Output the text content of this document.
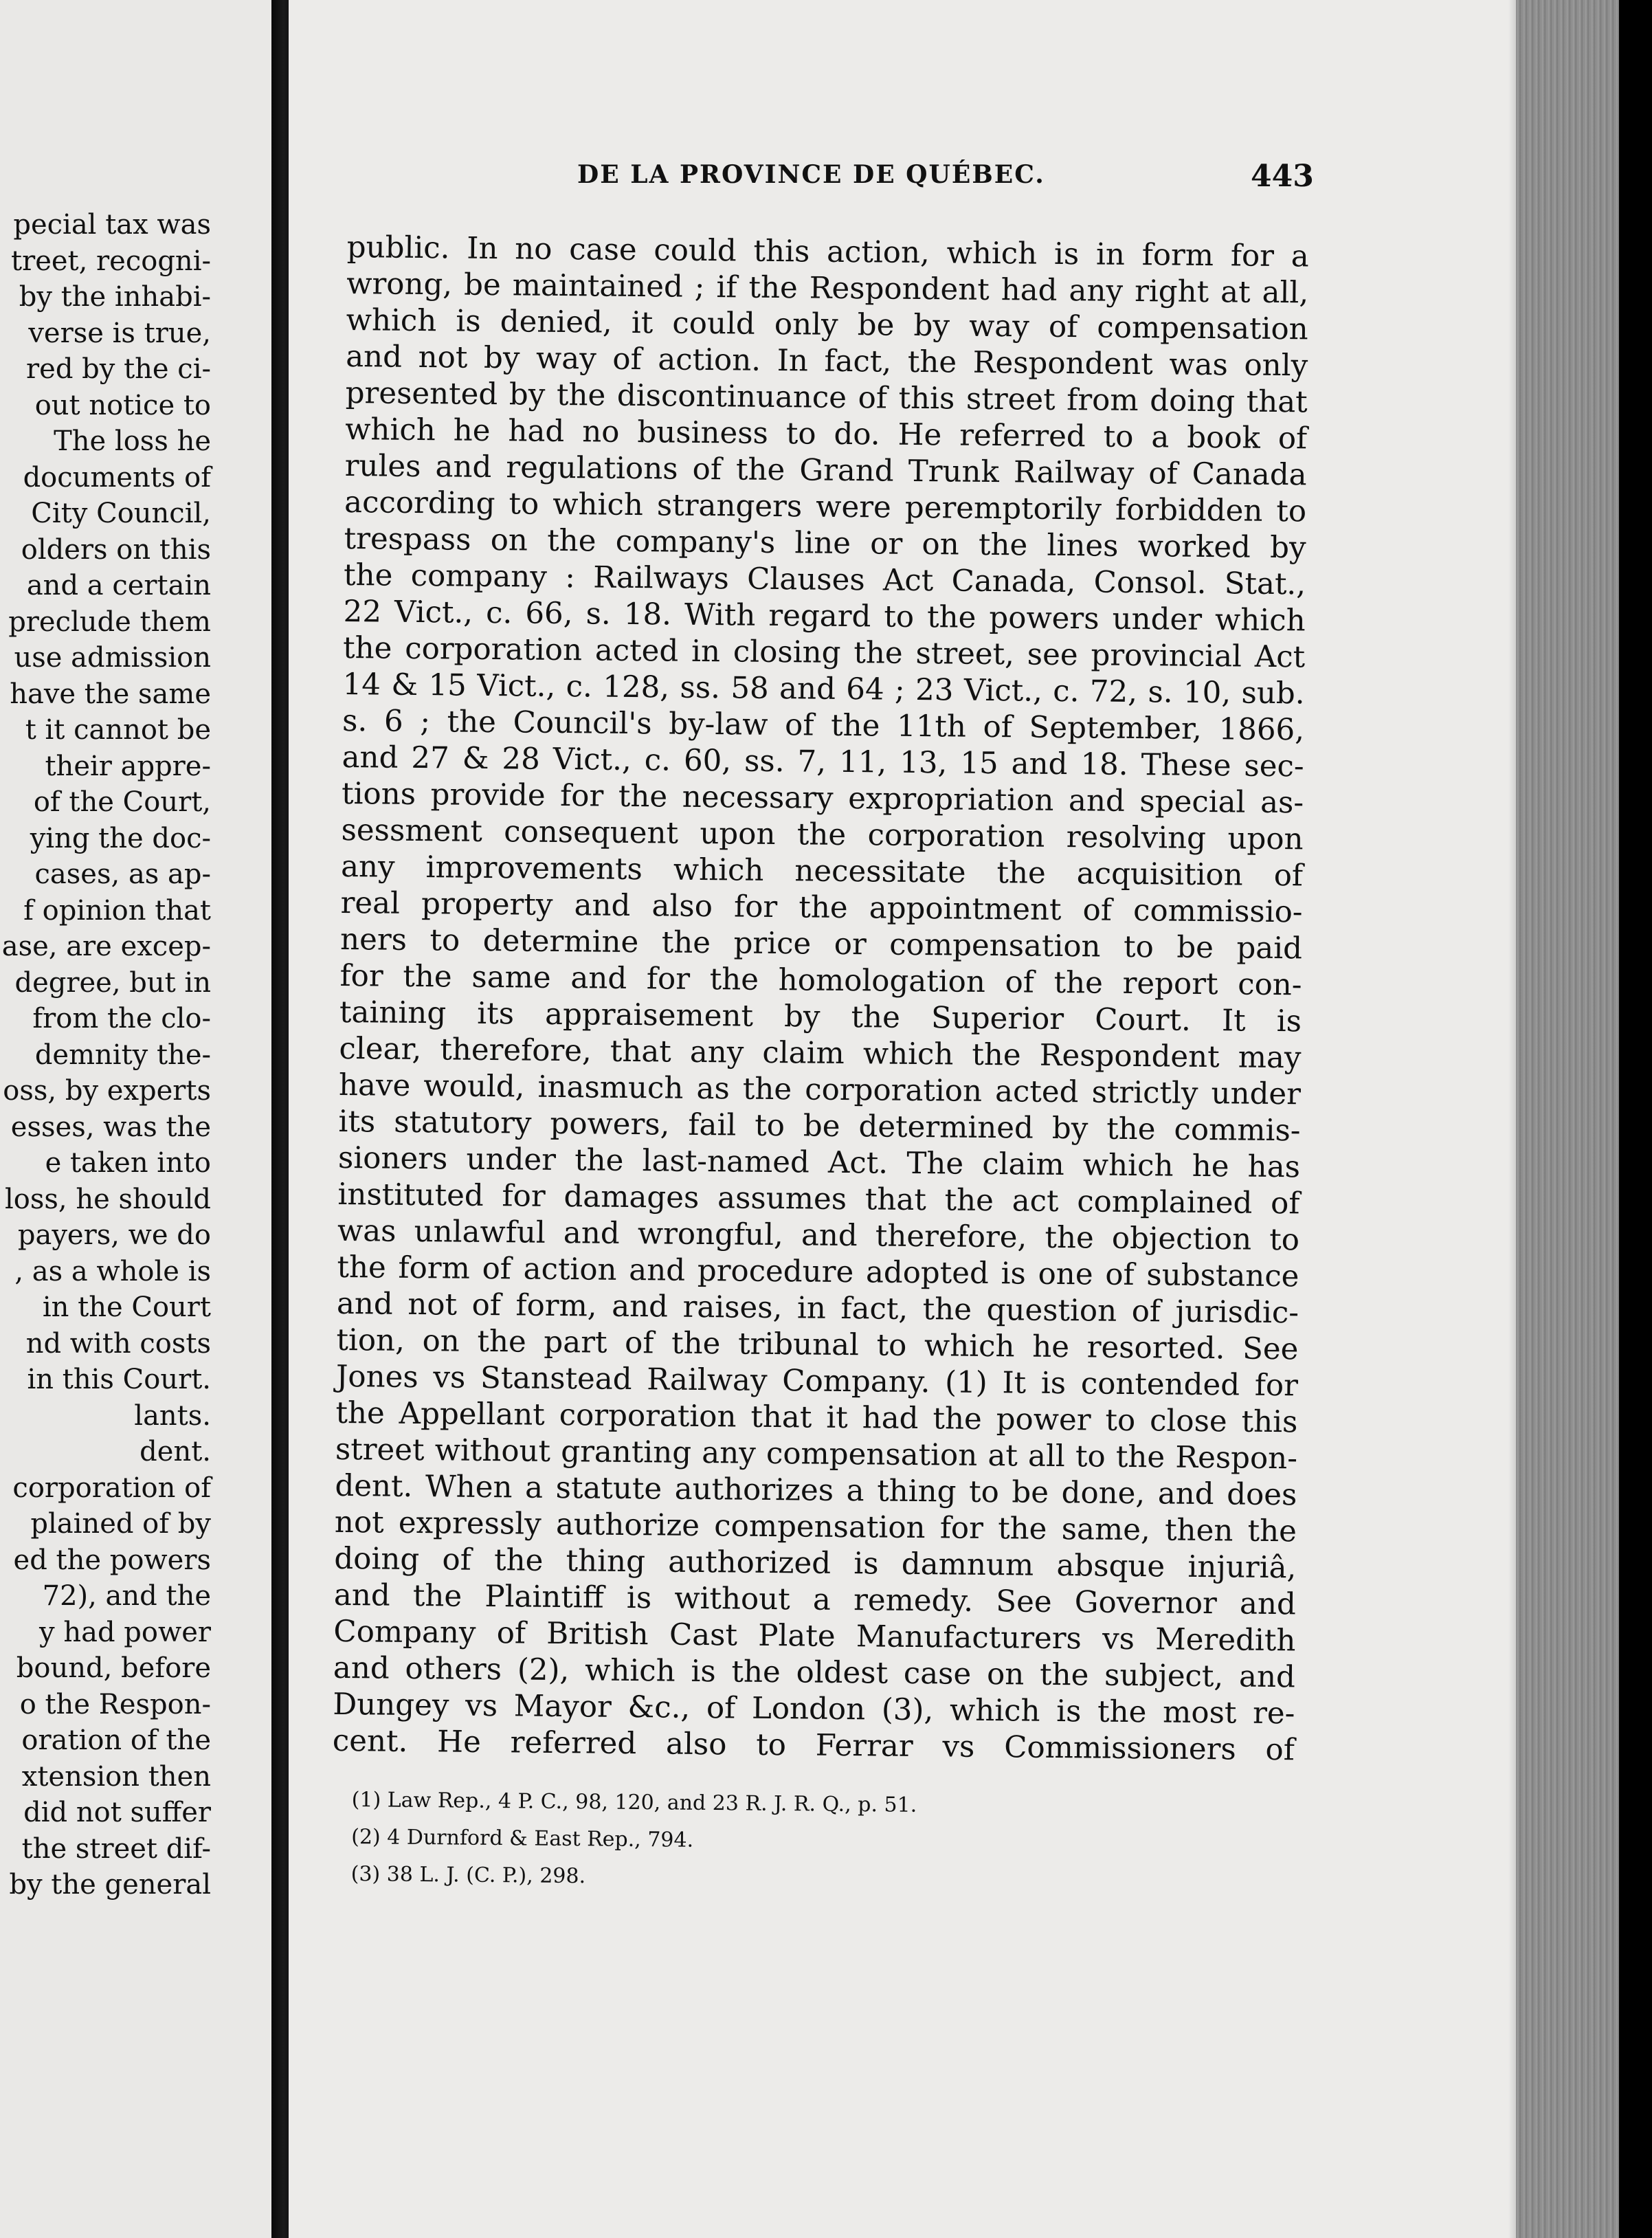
pecial tax was
treet, recogni-
by the inhabi-
verse is true,
red by the ci-
out notice to
The loss he
documents of
City Council,
olders on this
and a certain
preclude them
use admission
have the same
t it cannot be
their appre-
of the Court,
ying the doc-
cases, as ap-
f opinion that
ase, are excep-
degree, but in
from the clo-
demnity the-
oss, by experts
esses, was the
e taken into
loss, he should
payers, we do
, as a whole is
in the Court
nd with costs
in this Court.
lants.
dent.
corporation of
plained of by
ed the powers
72), and the
y had power
bound, before
o the Respon-
oration of the
xtension then
did not suffer
the street dif-
by the general
DE LA PROVINCE DE QUÉBEC.	443
public. In no case could this action, which is in form for a
wrong, be maintained ; if the Respondent had any right at all,
which is denied, it could only be by way of compensation
and not by way of action. In fact, the Respondent was only
presented by the discontinuance of this street from doing that
which he had no business to do. He referred to a book of
rules and regulations of the Grand Trunk Railway of Canada
according to which strangers were peremptorily forbidden to
trespass on the company's line or on the lines worked by
the company : Railways Clauses Act Canada, Consol. Stat.,
22 Vict., c. 66, s. 18. With regard to the powers under which
the corporation acted in closing the street, see provincial Act
14 & 15 Vict., c. 128, ss. 58 and 64 ; 23 Vict., c. 72, s. 10, sub.
s. 6 ; the Council's by-law of the 11th of September, 1866,
and 27 & 28 Vict., c. 60, ss. 7, 11, 13, 15 and 18. These sec-
tions provide for the necessary expropriation and special as-
sessment consequent upon the corporation resolving upon
any improvements which necessitate the acquisition of
real property and also for the appointment of commissio-
ners to determine the price or compensation to be paid
for the same and for the homologation of the report con-
taining its appraisement by the Superior Court. It is
clear, therefore, that any claim which the Respondent may
have would, inasmuch as the corporation acted strictly under
its statutory powers, fail to be determined by the commis-
sioners under the last-named Act. The claim which he has
instituted for damages assumes that the act complained of
was unlawful and wrongful, and therefore, the objection to
the form of action and procedure adopted is one of substance
and not of form, and raises, in fact, the question of jurisdic-
tion, on the part of the tribunal to which he resorted. See
Jones vs Stanstead Railway Company. (1) It is contended for
the Appellant corporation that it had the power to close this
street without granting any compensation at all to the Respon-
dent. When a statute authorizes a thing to be done, and does
not expressly authorize compensation for the same, then the
doing of the thing authorized is damnum absque injuriâ,
and the Plaintiff is without a remedy. See Governor and
Company of British Cast Plate Manufacturers vs Meredith
and others (2), which is the oldest case on the subject, and
Dungey vs Mayor &c., of London (3), which is the most re-
cent. He referred also to Ferrar vs Commissioners of
(1) Law Rep., 4 P. C., 98, 120, and 23 R. J. R. Q., p. 51.
(2) 4 Durnford & East Rep., 794.
(3) 38 L. J. (C. P.), 298.
